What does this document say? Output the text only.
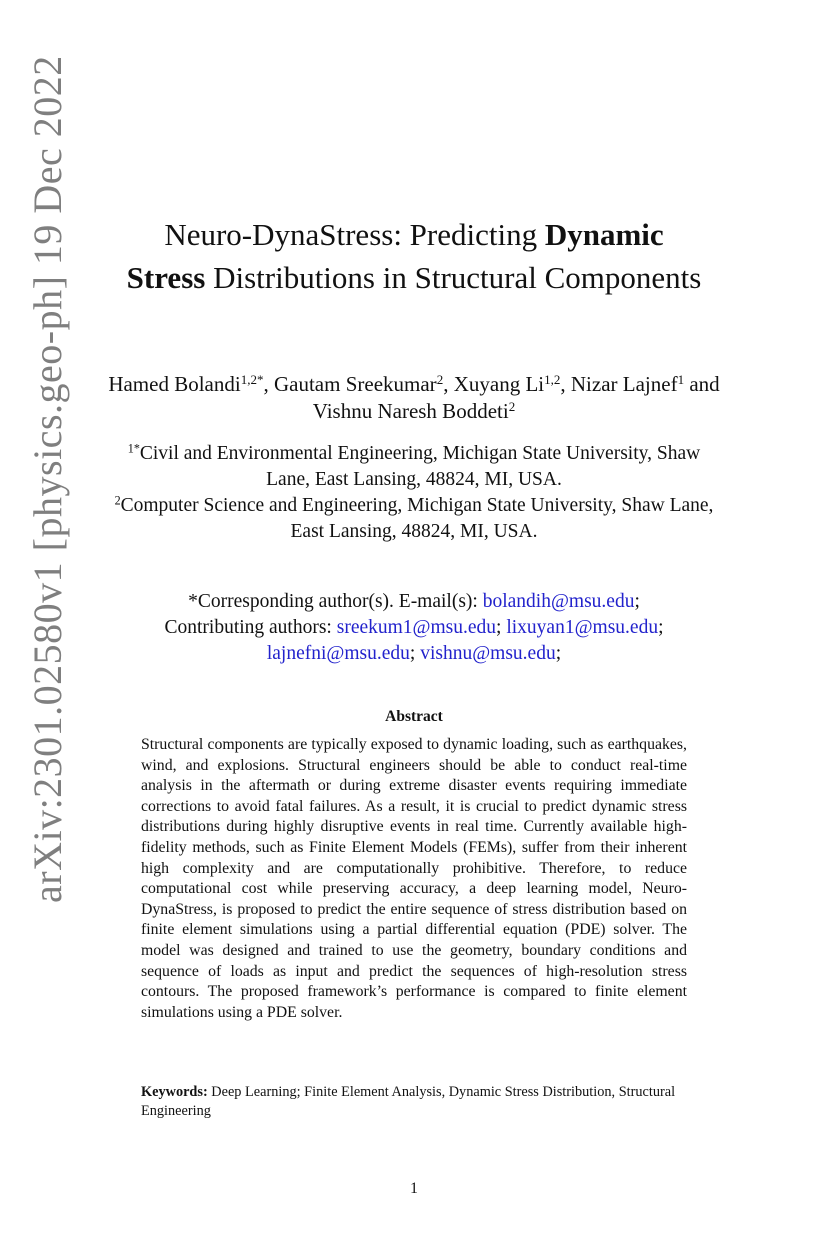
arXiv:2301.02580v1 [physics.geo-ph] 19 Dec 2022	Neuro-DynaStress: Predicting Dynamic
Stress Distributions in Structural Components
Hamed Bolandi$^{1,2*}$, Gautam Sreekumar$^2$, Xuyang Li$^{1,2}$, Nizar Lajnef$^1$ and Vishnu Naresh Boddeti$^2$
$^{1*}$Civil and Environmental Engineering, Michigan State University, Shaw Lane, East Lansing, 48824, MI, USA.
$^2$Computer Science and Engineering, Michigan State University, Shaw Lane, East Lansing, 48824, MI, USA.
*Corresponding author(s). E-mail(s): bolandih@msu.edu;
Contributing authors: sreekum1@msu.edu; lixuyan1@msu.edu;
lajnefni@msu.edu; vishnu@msu.edu;
Abstract
Structural components are typically exposed to dynamic loading, such as earthquakes, wind, and explosions. Structural engineers should be able to conduct real-time analysis in the aftermath or during extreme disaster events requiring immediate corrections to avoid fatal failures. As a result, it is crucial to predict dynamic stress distributions during highly disruptive events in real time. Currently available high-fidelity methods, such as Finite Element Models (FEMs), suffer from their inherent high complexity and are computationally prohibitive. Therefore, to reduce computational cost while preserving accuracy, a deep learning model, Neuro-DynaStress, is proposed to predict the entire sequence of stress distribution based on finite element simulations using a partial differential equation (PDE) solver. The model was designed and trained to use the geometry, boundary conditions and sequence of loads as input and predict the sequences of high-resolution stress contours. The proposed framework’s performance is compared to finite element simulations using a PDE solver.
Keywords: Deep Learning; Finite Element Analysis, Dynamic Stress Distribution, Structural Engineering
1
